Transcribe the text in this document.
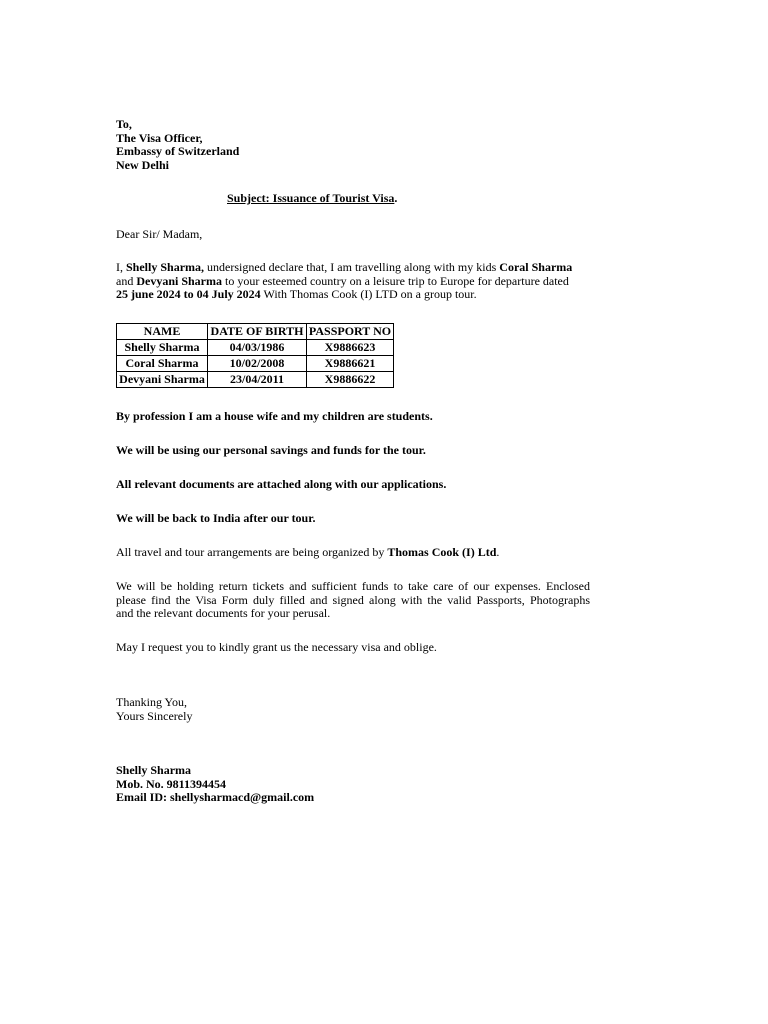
To,
The Visa Officer,
Embassy of Switzerland
New Delhi
Subject: Issuance of Tourist Visa.
Dear Sir/ Madam,
I, Shelly Sharma, undersigned declare that, I am travelling along with my kids Coral Sharma
and Devyani Sharma to your esteemed country on a leisure trip to Europe for departure dated
25 june 2024 to 04 July 2024 With Thomas Cook (I) LTD on a group tour.
NAME	DATE OF BIRTH	PASSPORT NO
Shelly Sharma	04/03/1986	X9886623
Coral Sharma	10/02/2008	X9886621
Devyani Sharma	23/04/2011	X9886622
By profession I am a house wife and my children are students.
We will be using our personal savings and funds for the tour.
All relevant documents are attached along with our applications.
We will be back to India after our tour.
All travel and tour arrangements are being organized by Thomas Cook (I) Ltd.
We will be holding return tickets and sufficient funds to take care of our expenses. Enclosed
please find the Visa Form duly filled and signed along with the valid Passports, Photographs
and the relevant documents for your perusal.
May I request you to kindly grant us the necessary visa and oblige.
Thanking You,
Yours Sincerely
Shelly Sharma
Mob. No. 9811394454
Email ID: shellysharmacd@gmail.com
